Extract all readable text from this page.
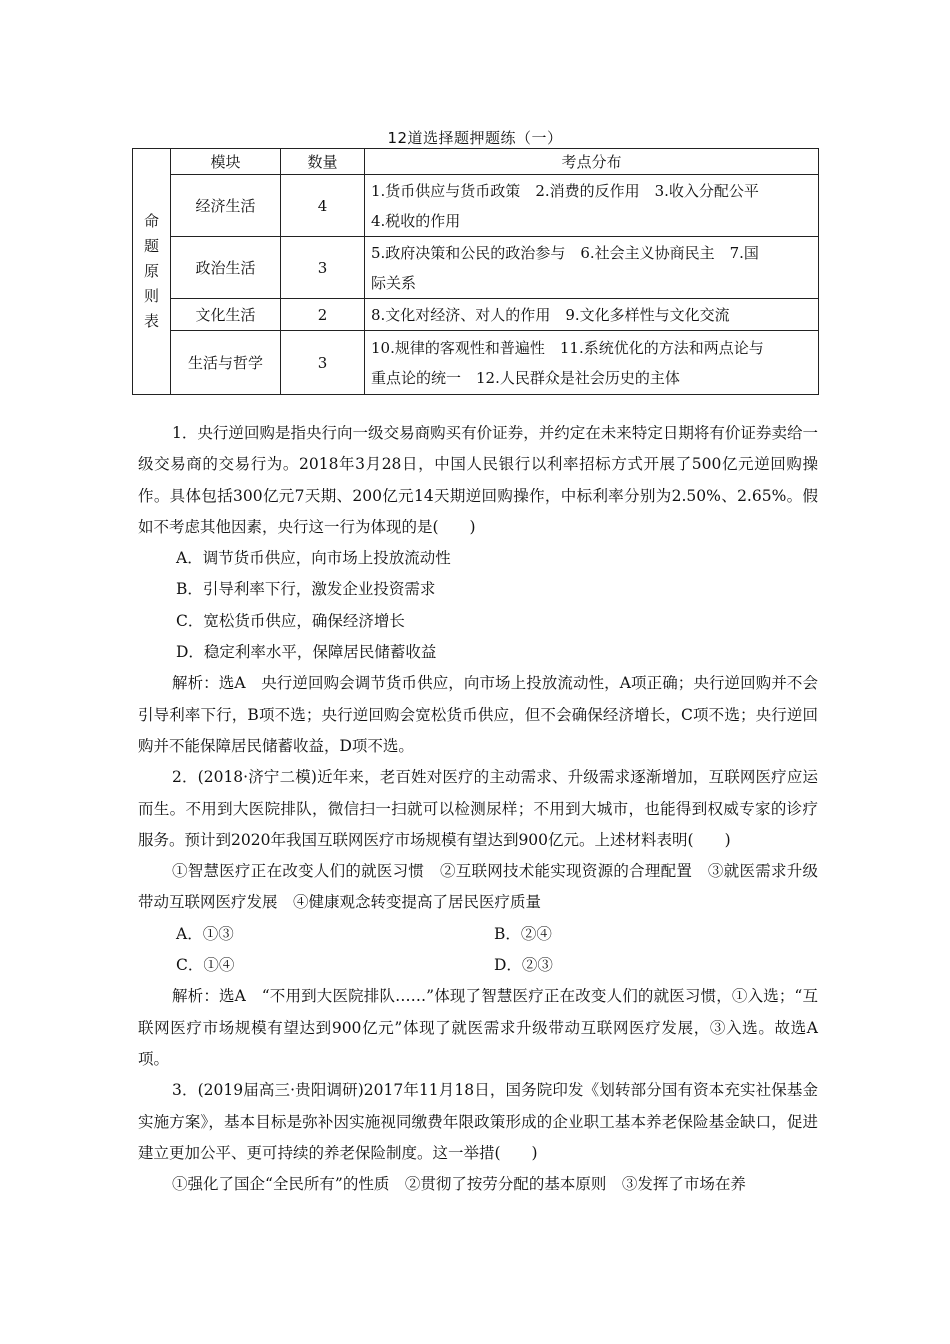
12道选择题押题练（一）
命
题
原
则
表	模块	数量	考点分布
	经济生活	4	1.货币供应与货币政策　2.消费的反作用　3.收入分配公平
4.税收的作用

	政治生活	3	5.政府决策和公民的政治参与　6.社会主义协商民主　7.国
际关系

	文化生活	2	8.文化对经济、对人的作用　9.文化多样性与文化交流

	生活与哲学	3	10.规律的客观性和普遍性　11.系统优化的方法和两点论与
重点论的统一　12.人民群众是社会历史的主体

1．央行逆回购是指央行向一级交易商购买有价证券，并约定在未来特定日期将有价证券卖给一级交易商的交易行为。2018年3月28日，中国人民银行以利率招标方式开展了500亿元逆回购操作。具体包括300亿元7天期、200亿元14天期逆回购操作，中标利率分别为2.50%、2.65%。假如不考虑其他因素，央行这一行为体现的是(　　)

A．调节货币供应，向市场上投放流动性

B．引导利率下行，激发企业投资需求

C．宽松货币供应，确保经济增长

D．稳定利率水平，保障居民储蓄收益

解析：选A　央行逆回购会调节货币供应，向市场上投放流动性，A项正确；央行逆回购并不会引导利率下行，B项不选；央行逆回购会宽松货币供应，但不会确保经济增长，C项不选；央行逆回购并不能保障居民储蓄收益，D项不选。

2．(2018·济宁二模)近年来，老百姓对医疗的主动需求、升级需求逐渐增加，互联网医疗应运而生。不用到大医院排队，微信扫一扫就可以检测尿样；不用到大城市，也能得到权威专家的诊疗服务。预计到2020年我国互联网医疗市场规模有望达到900亿元。上述材料表明(　　)

①智慧医疗正在改变人们的就医习惯　②互联网技术能实现资源的合理配置　③就医需求升级带动互联网医疗发展　④健康观念转变提高了居民医疗质量

A．①③	B．②④
C．①④	D．②③

解析：选A　“不用到大医院排队……”体现了智慧医疗正在改变人们的就医习惯，①入选；“互联网医疗市场规模有望达到900亿元”体现了就医需求升级带动互联网医疗发展，③入选。故选A项。

3．(2019届高三·贵阳调研)2017年11月18日，国务院印发《划转部分国有资本充实社保基金实施方案》，基本目标是弥补因实施视同缴费年限政策形成的企业职工基本养老保险基金缺口，促进建立更加公平、更可持续的养老保险制度。这一举措(　　)

①强化了国企“全民所有”的性质　②贯彻了按劳分配的基本原则　③发挥了市场在养
